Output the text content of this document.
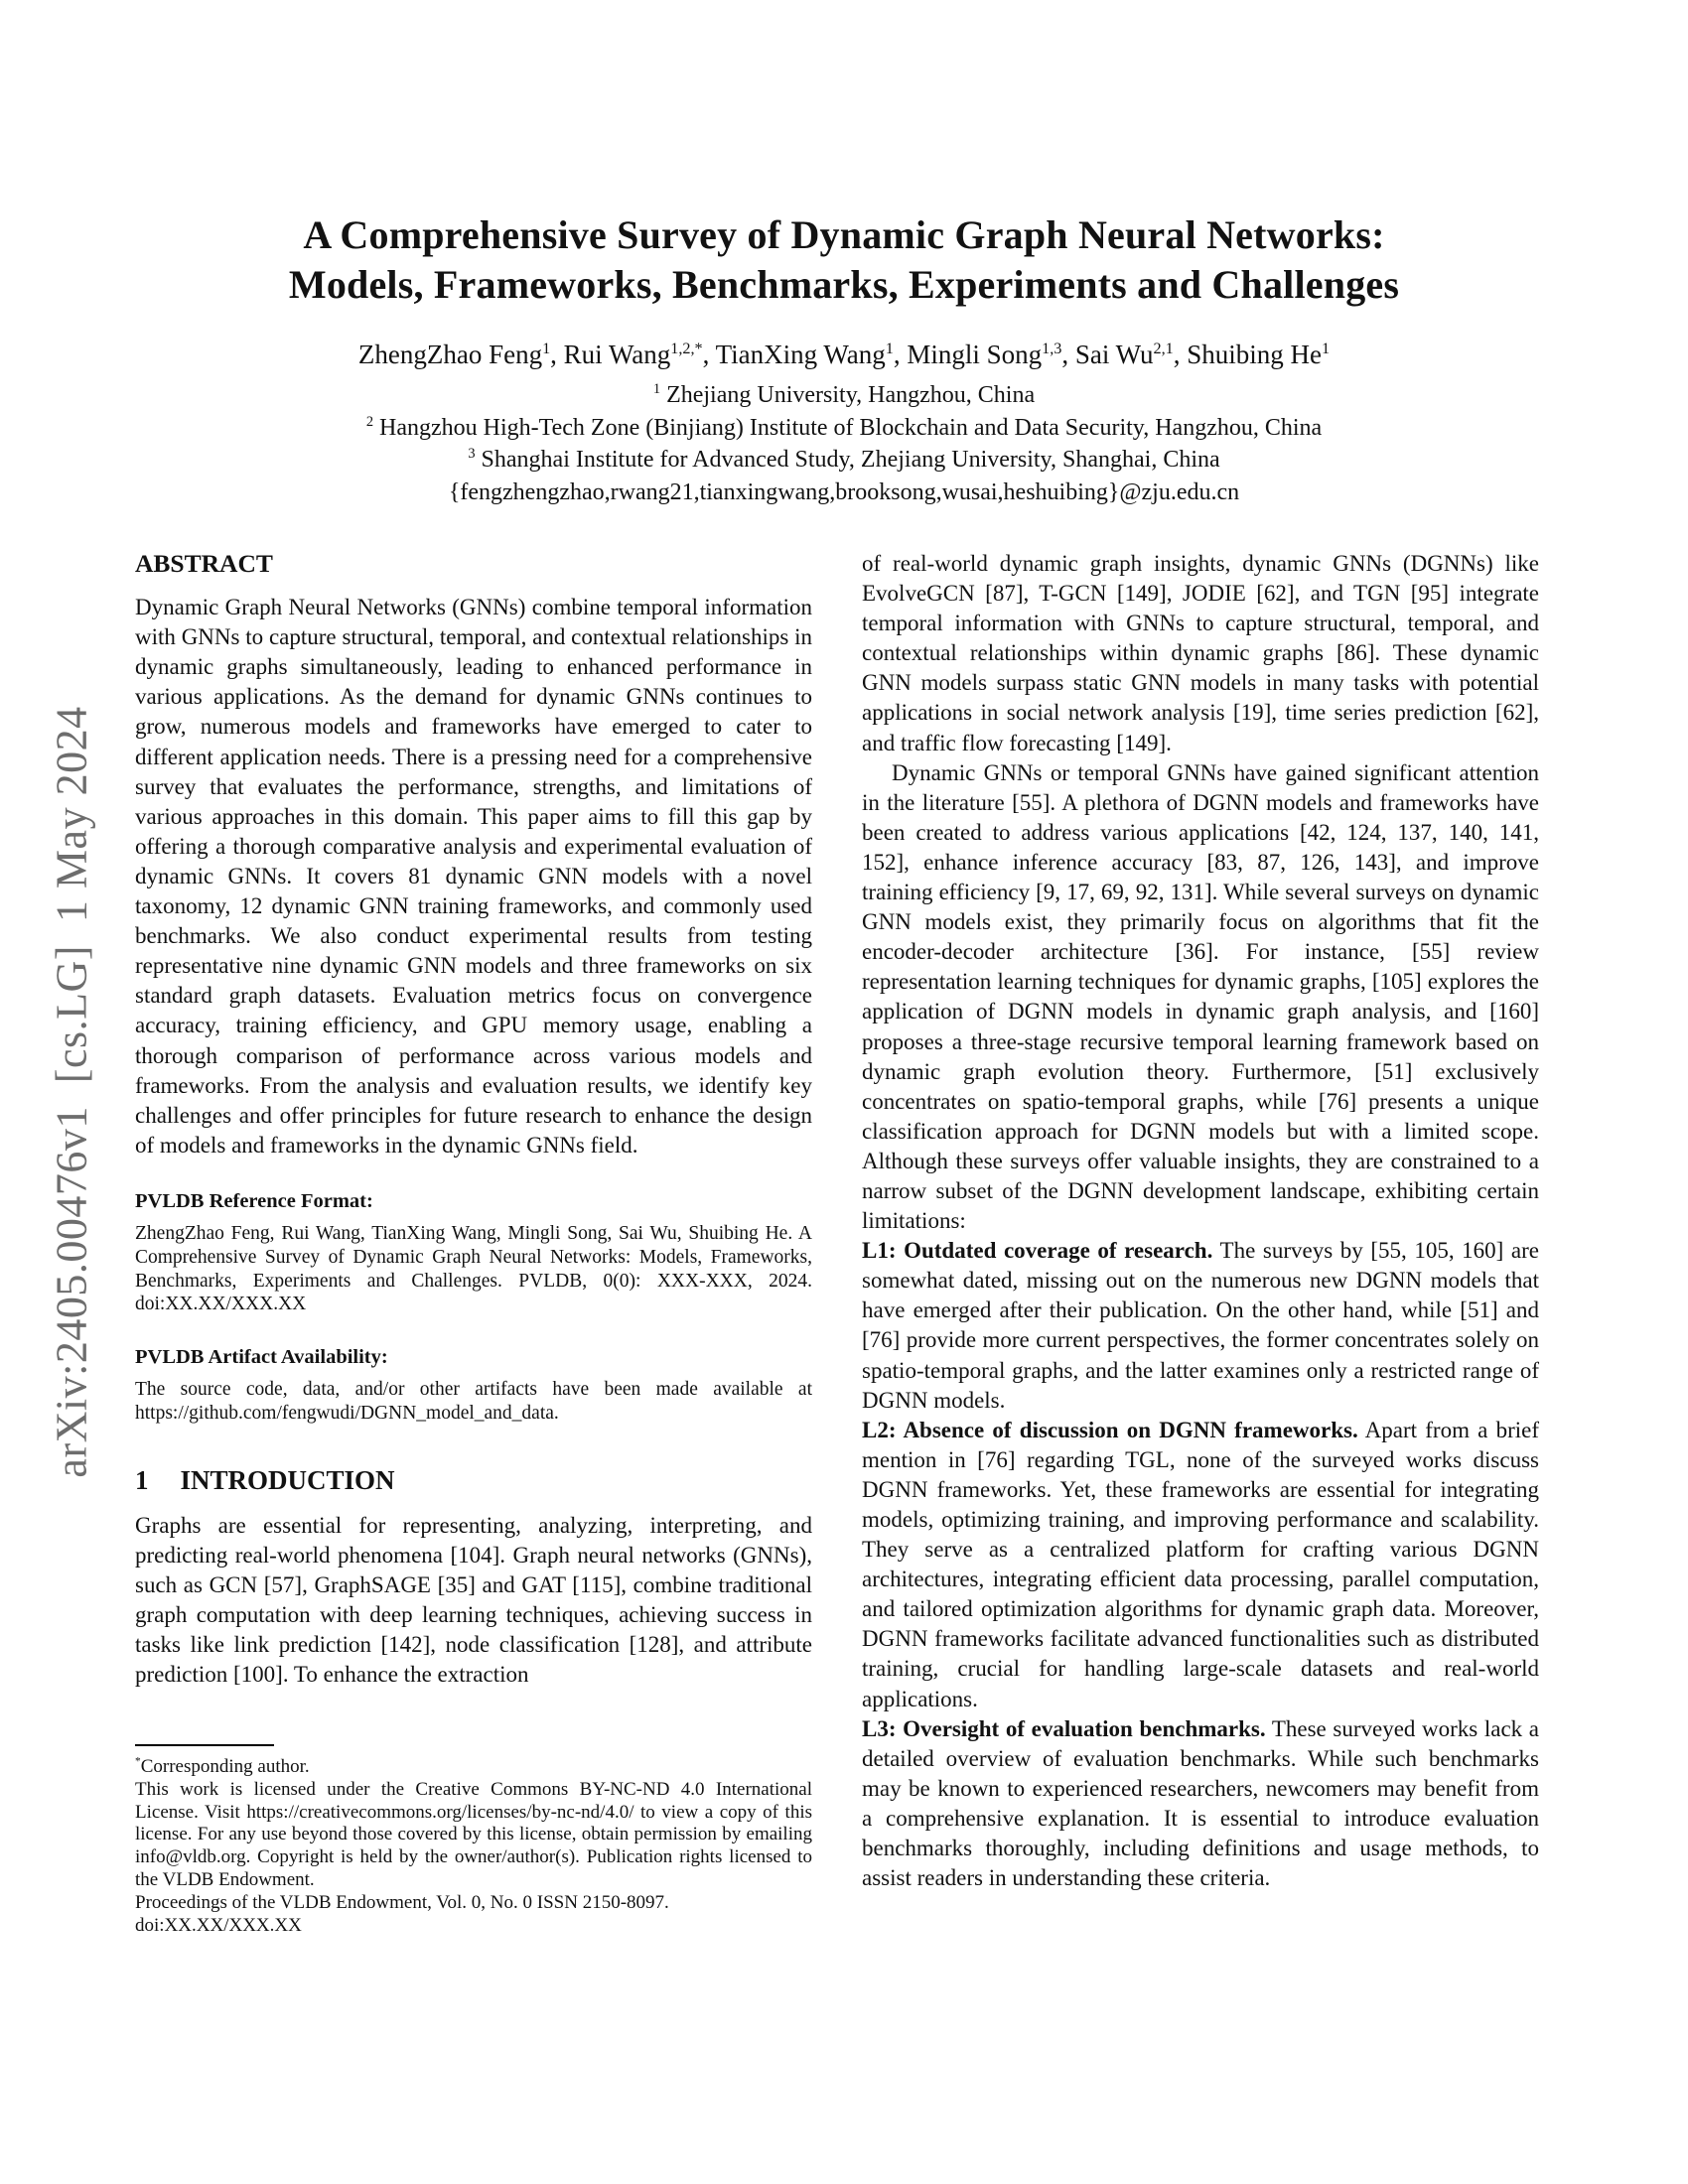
arXiv:2405.00476v1  [cs.LG]  1 May 2024
A Comprehensive Survey of Dynamic Graph Neural Networks:
Models, Frameworks, Benchmarks, Experiments and Challenges
ZhengZhao Feng$^1$, Rui Wang$^{1,2,*}$, TianXing Wang$^1$, Mingli Song$^{1,3}$, Sai Wu$^{2,1}$, Shuibing He$^1$
$^1$ Zhejiang University, Hangzhou, China
$^2$ Hangzhou High-Tech Zone (Binjiang) Institute of Blockchain and Data Security, Hangzhou, China
$^3$ Shanghai Institute for Advanced Study, Zhejiang University, Shanghai, China
{fengzhengzhao,rwang21,tianxingwang,brooksong,wusai,heshuibing}@zju.edu.cn
ABSTRACT

Dynamic Graph Neural Networks (GNNs) combine temporal information with GNNs to capture structural, temporal, and contextual relationships in dynamic graphs simultaneously, leading to enhanced performance in various applications. As the demand for dynamic GNNs continues to grow, numerous models and frameworks have emerged to cater to different application needs. There is a pressing need for a comprehensive survey that evaluates the performance, strengths, and limitations of various approaches in this domain. This paper aims to fill this gap by offering a thorough comparative analysis and experimental evaluation of dynamic GNNs. It covers 81 dynamic GNN models with a novel taxonomy, 12 dynamic GNN training frameworks, and commonly used benchmarks. We also conduct experimental results from testing representative nine dynamic GNN models and three frameworks on six standard graph datasets. Evaluation metrics focus on convergence accuracy, training efficiency, and GPU memory usage, enabling a thorough comparison of performance across various models and frameworks. From the analysis and evaluation results, we identify key challenges and offer principles for future research to enhance the design of models and frameworks in the dynamic GNNs field.

PVLDB Reference Format:

ZhengZhao Feng, Rui Wang, TianXing Wang, Mingli Song, Sai Wu, Shuibing He. A Comprehensive Survey of Dynamic Graph Neural Networks: Models, Frameworks, Benchmarks, Experiments and Challenges. PVLDB, 0(0): XXX-XXX, 2024. doi:XX.XX/XXX.XX

PVLDB Artifact Availability:

The source code, data, and/or other artifacts have been made available at https://github.com/fengwudi/DGNN_model_and_data.

1 INTRODUCTION

Graphs are essential for representing, analyzing, interpreting, and predicting real-world phenomena [104]. Graph neural networks (GNNs), such as GCN [57], GraphSAGE [35] and GAT [115], combine traditional graph computation with deep learning techniques, achieving success in tasks like link prediction [142], node classification [128], and attribute prediction [100]. To enhance the extraction

*Corresponding author.

This work is licensed under the Creative Commons BY-NC-ND 4.0 International License. Visit https://creativecommons.org/licenses/by-nc-nd/4.0/ to view a copy of this license. For any use beyond those covered by this license, obtain permission by emailing info@vldb.org. Copyright is held by the owner/author(s). Publication rights licensed to the VLDB Endowment.

Proceedings of the VLDB Endowment, Vol. 0, No. 0 ISSN 2150-8097.

doi:XX.XX/XXX.XX

of real-world dynamic graph insights, dynamic GNNs (DGNNs) like EvolveGCN [87], T-GCN [149], JODIE [62], and TGN [95] integrate temporal information with GNNs to capture structural, temporal, and contextual relationships within dynamic graphs [86]. These dynamic GNN models surpass static GNN models in many tasks with potential applications in social network analysis [19], time series prediction [62], and traffic flow forecasting [149].

Dynamic GNNs or temporal GNNs have gained significant attention in the literature [55]. A plethora of DGNN models and frameworks have been created to address various applications [42, 124, 137, 140, 141, 152], enhance inference accuracy [83, 87, 126, 143], and improve training efficiency [9, 17, 69, 92, 131]. While several surveys on dynamic GNN models exist, they primarily focus on algorithms that fit the encoder-decoder architecture [36]. For instance, [55] review representation learning techniques for dynamic graphs, [105] explores the application of DGNN models in dynamic graph analysis, and [160] proposes a three-stage recursive temporal learning framework based on dynamic graph evolution theory. Furthermore, [51] exclusively concentrates on spatio-temporal graphs, while [76] presents a unique classification approach for DGNN models but with a limited scope. Although these surveys offer valuable insights, they are constrained to a narrow subset of the DGNN development landscape, exhibiting certain limitations:

L1: Outdated coverage of research. The surveys by [55, 105, 160] are somewhat dated, missing out on the numerous new DGNN models that have emerged after their publication. On the other hand, while [51] and [76] provide more current perspectives, the former concentrates solely on spatio-temporal graphs, and the latter examines only a restricted range of DGNN models.

L2: Absence of discussion on DGNN frameworks. Apart from a brief mention in [76] regarding TGL, none of the surveyed works discuss DGNN frameworks. Yet, these frameworks are essential for integrating models, optimizing training, and improving performance and scalability. They serve as a centralized platform for crafting various DGNN architectures, integrating efficient data processing, parallel computation, and tailored optimization algorithms for dynamic graph data. Moreover, DGNN frameworks facilitate advanced functionalities such as distributed training, crucial for handling large-scale datasets and real-world applications.

L3: Oversight of evaluation benchmarks. These surveyed works lack a detailed overview of evaluation benchmarks. While such benchmarks may be known to experienced researchers, newcomers may benefit from a comprehensive explanation. It is essential to introduce evaluation benchmarks thoroughly, including definitions and usage methods, to assist readers in understanding these criteria.
